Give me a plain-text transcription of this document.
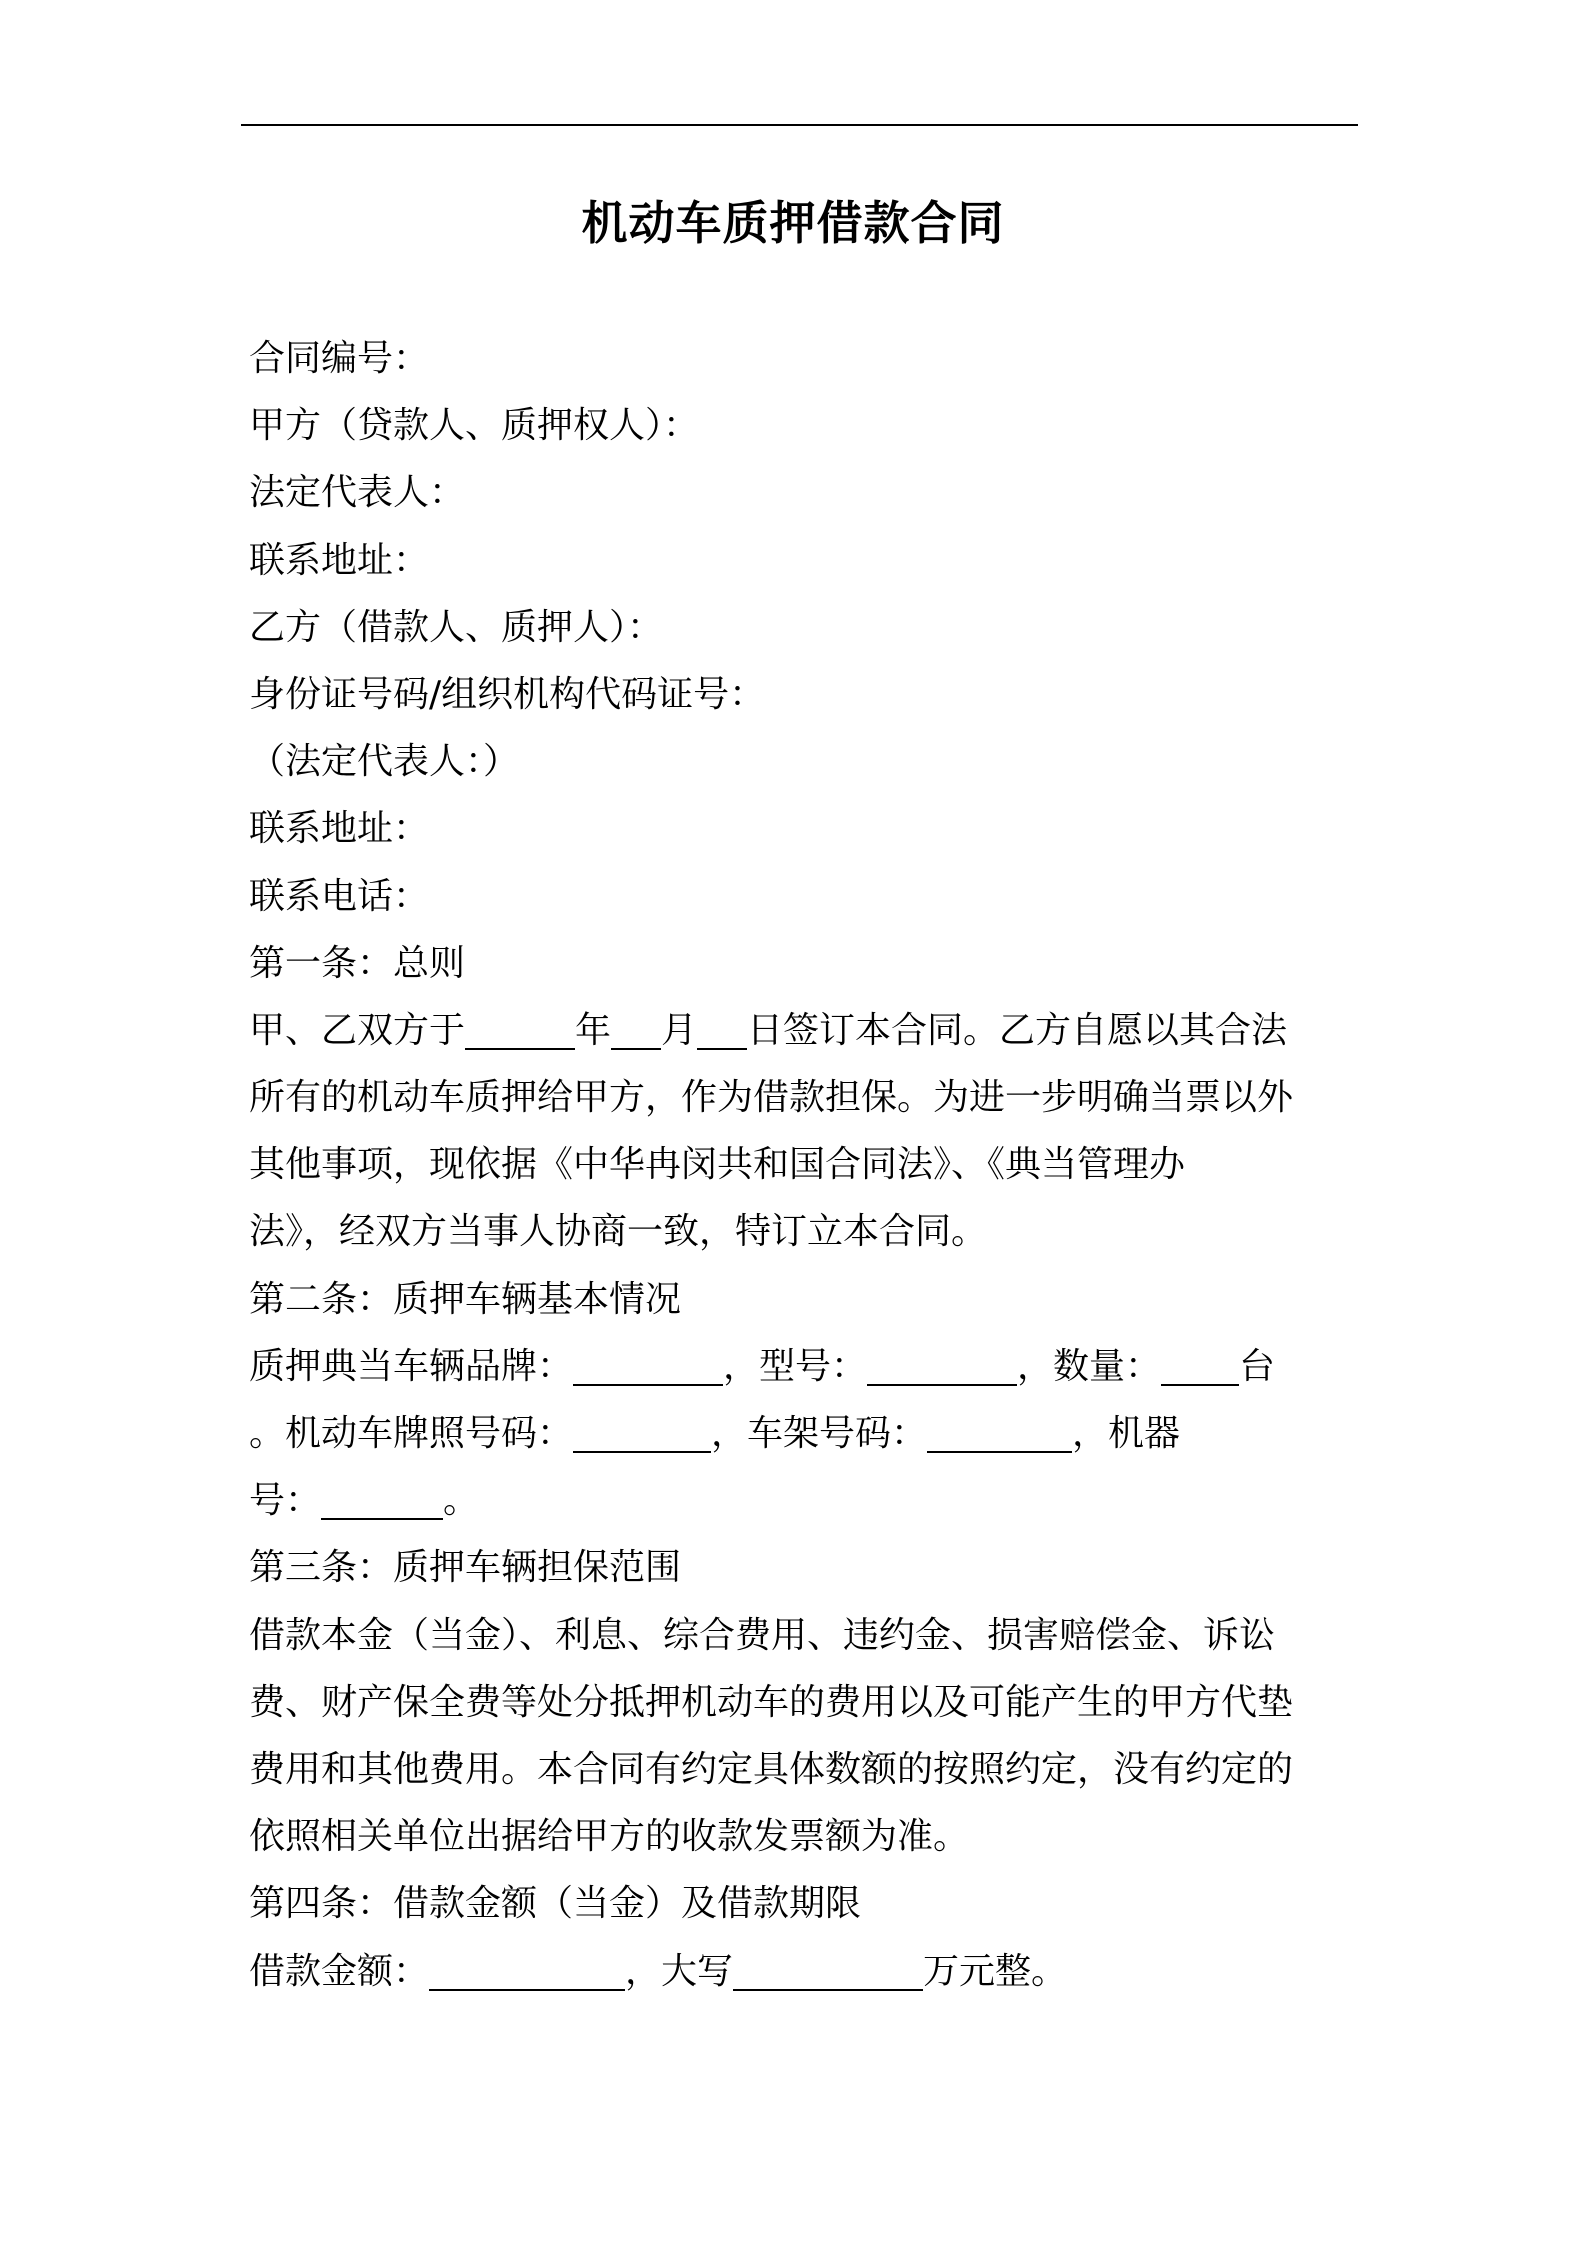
机动车质押借款合同
合同编号：
甲方（贷款人、质押权人）：
法定代表人：
联系地址：
乙方（借款人、质押人）：
身份证号码/组织机构代码证号：
（法定代表人：）
联系地址：
联系电话：
第一条：总则
甲、乙双方于	年 月 日签订本合同。乙方自愿以其合法
所有的机动车质押给甲方，作为借款担保。为进一步明确当票以外
其他事项，现依据《中华冉闵共和国合同法》、《典当管理办
法》，经双方当事人协商一致，特订立本合同。
第二条：质押车辆基本情况
质押典当车辆品牌：	，型号：	，数量： 台
。机动车牌照号码：	，车架号码：	，机器
号：	。
第三条：质押车辆担保范围
借款本金（当金）、利息、综合费用、违约金、损害赔偿金、诉讼
费、财产保全费等处分抵押机动车的费用以及可能产生的甲方代垫
费用和其他费用。本合同有约定具体数额的按照约定，没有约定的
依照相关单位出据给甲方的收款发票额为准。
第四条：借款金额（当金）及借款期限
借款金额：	，大写	万元整。
